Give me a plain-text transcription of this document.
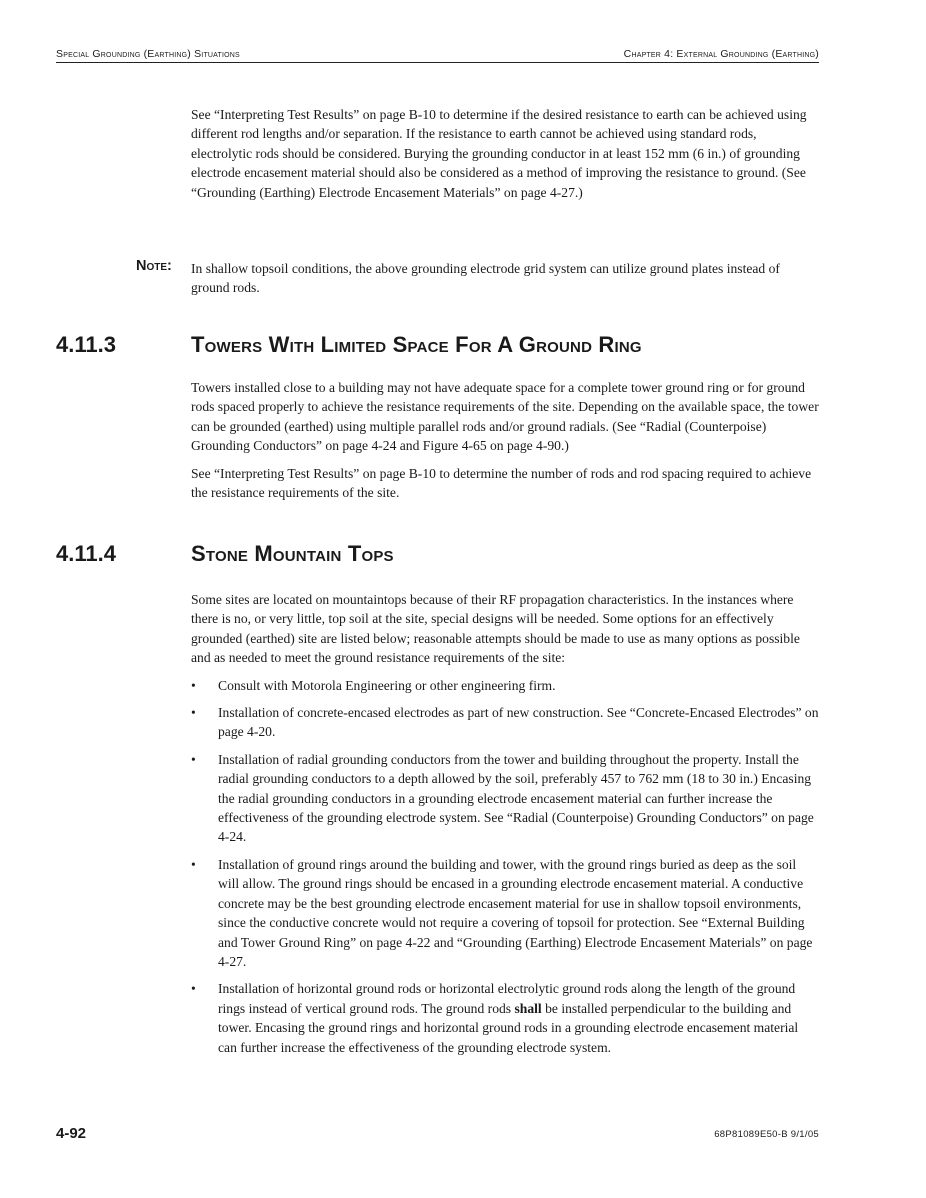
Special Grounding (Earthing) Situations	Chapter 4: External Grounding (Earthing)

See “Interpreting Test Results” on page B-10 to determine if the desired resistance to earth can be achieved using different rod lengths and/or separation. If the resistance to earth cannot be achieved using standard rods, electrolytic rods should be considered. Burying the grounding conductor in at least 152 mm (6 in.) of grounding electrode encasement material should also be considered as a method of improving the resistance to ground. (See “Grounding (Earthing) Electrode Encasement Materials” on page 4-27.)

Note: In shallow topsoil conditions, the above grounding electrode grid system can utilize ground plates instead of ground rods.
4.11.3	Towers With Limited Space For A Ground Ring

Towers installed close to a building may not have adequate space for a complete tower ground ring or for ground rods spaced properly to achieve the resistance requirements of the site. Depending on the available space, the tower can be grounded (earthed) using multiple parallel rods and/or ground radials. (See “Radial (Counterpoise) Grounding Conductors” on page 4-24 and Figure 4-65 on page 4-90.)

See “Interpreting Test Results” on page B-10 to determine the number of rods and rod spacing required to achieve the resistance requirements of the site.

4.11.4	Stone Mountain Tops

Some sites are located on mountaintops because of their RF propagation characteristics. In the instances where there is no, or very little, top soil at the site, special designs will be needed. Some options for an effectively grounded (earthed) site are listed below; reasonable attempts should be made to use as many options as possible and as needed to meet the ground resistance requirements of the site:

• Consult with Motorola Engineering or other engineering firm.
• Installation of concrete-encased electrodes as part of new construction. See “Concrete-Encased Electrodes” on page 4-20.
• Installation of radial grounding conductors from the tower and building throughout the property. Install the radial grounding conductors to a depth allowed by the soil, preferably 457 to 762 mm (18 to 30 in.) Encasing the radial grounding conductors in a grounding electrode encasement material can further increase the effectiveness of the grounding electrode system. See “Radial (Counterpoise) Grounding Conductors” on page 4-24.
• Installation of ground rings around the building and tower, with the ground rings buried as deep as the soil will allow. The ground rings should be encased in a grounding electrode encasement material. A conductive concrete may be the best grounding electrode encasement material for use in shallow topsoil environments, since the conductive concrete would not require a covering of topsoil for protection. See “External Building and Tower Ground Ring” on page 4-22 and “Grounding (Earthing) Electrode Encasement Materials” on page 4-27.
• Installation of horizontal ground rods or horizontal electrolytic ground rods along the length of the ground rings instead of vertical ground rods. The ground rods shall be installed perpendicular to the building and tower. Encasing the ground rings and horizontal ground rods in a grounding electrode encasement material can further increase the effectiveness of the grounding electrode system.
4-92	68P81089E50-B 9/1/05
